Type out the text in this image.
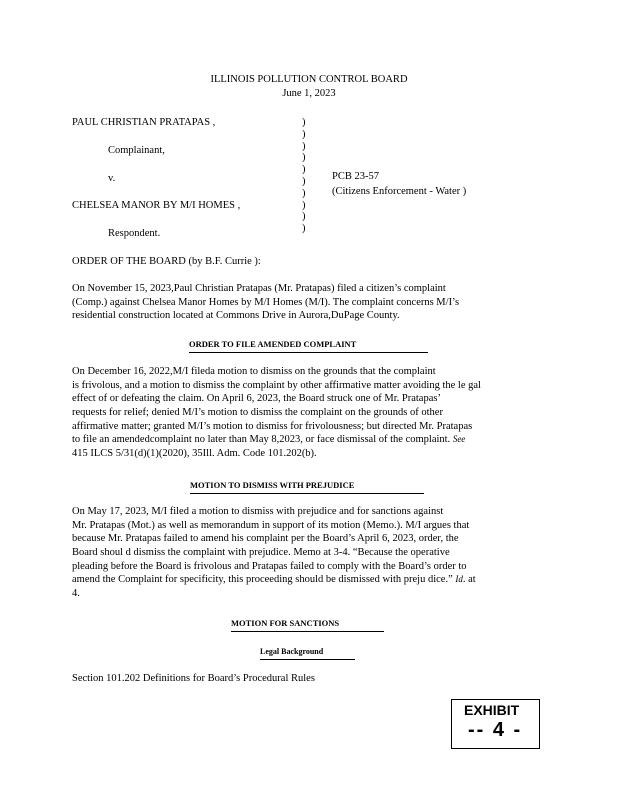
ILLINOIS POLLUTION CONTROL BOARD
June 1, 2023
PAUL CHRISTIAN PRATAPAS ,
Complainant,
v.	PCB 23-57
(Citizens Enforcement - Water )
CHELSEA MANOR BY M/I HOMES ,
Respondent.
)
)
)
)
)
)
)
)
)
)
ORDER OF THE BOARD (by B.F. Currie ):
On November 15, 2023,Paul Christian Pratapas (Mr. Pratapas) filed a citizen’s complaint
(Comp.) against Chelsea Manor Homes by M/I Homes (M/I). The complaint concerns M/I’s
residential construction located at Commons Drive in Aurora,DuPage County.
ORDER TO FILE AMENDED COMPLAINT
On December 16, 2022,M/I fileda motion to dismiss on the grounds that the complaint
is frivolous, and a motion to dismiss the complaint by other affirmative matter avoiding the le gal
effect of or defeating the claim. On April 6, 2023, the Board struck one of Mr. Pratapas’
requests for relief; denied M/I’s motion to dismiss the complaint on the grounds of other
affirmative matter; granted M/I’s motion to dismiss for frivolousness; but directed Mr. Pratapas
to file an amendedcomplaint no later than May 8,2023, or face dismissal of the complaint. See
415 ILCS 5/31(d)(1)(2020), 35Ill. Adm. Code 101.202(b).
MOTION TO DISMISS WITH PREJUDICE
On May 17, 2023, M/I filed a motion to dismiss with prejudice and for sanctions against
Mr. Pratapas (Mot.) as well as memorandum in support of its motion (Memo.). M/I argues that
because Mr. Pratapas failed to amend his complaint per the Board’s April 6, 2023, order, the
Board shoul d dismiss the complaint with prejudice. Memo at 3-4. “Because the operative
pleading before the Board is frivolous and Pratapas failed to comply with the Board’s order to
amend the Complaint for specificity, this proceeding should be dismissed with preju dice.” Id. at
4.
MOTION FOR SANCTIONS
Legal Background
Section 101.202 Definitions for Board’s Procedural Rules
EXHIBIT
-- 4 -
